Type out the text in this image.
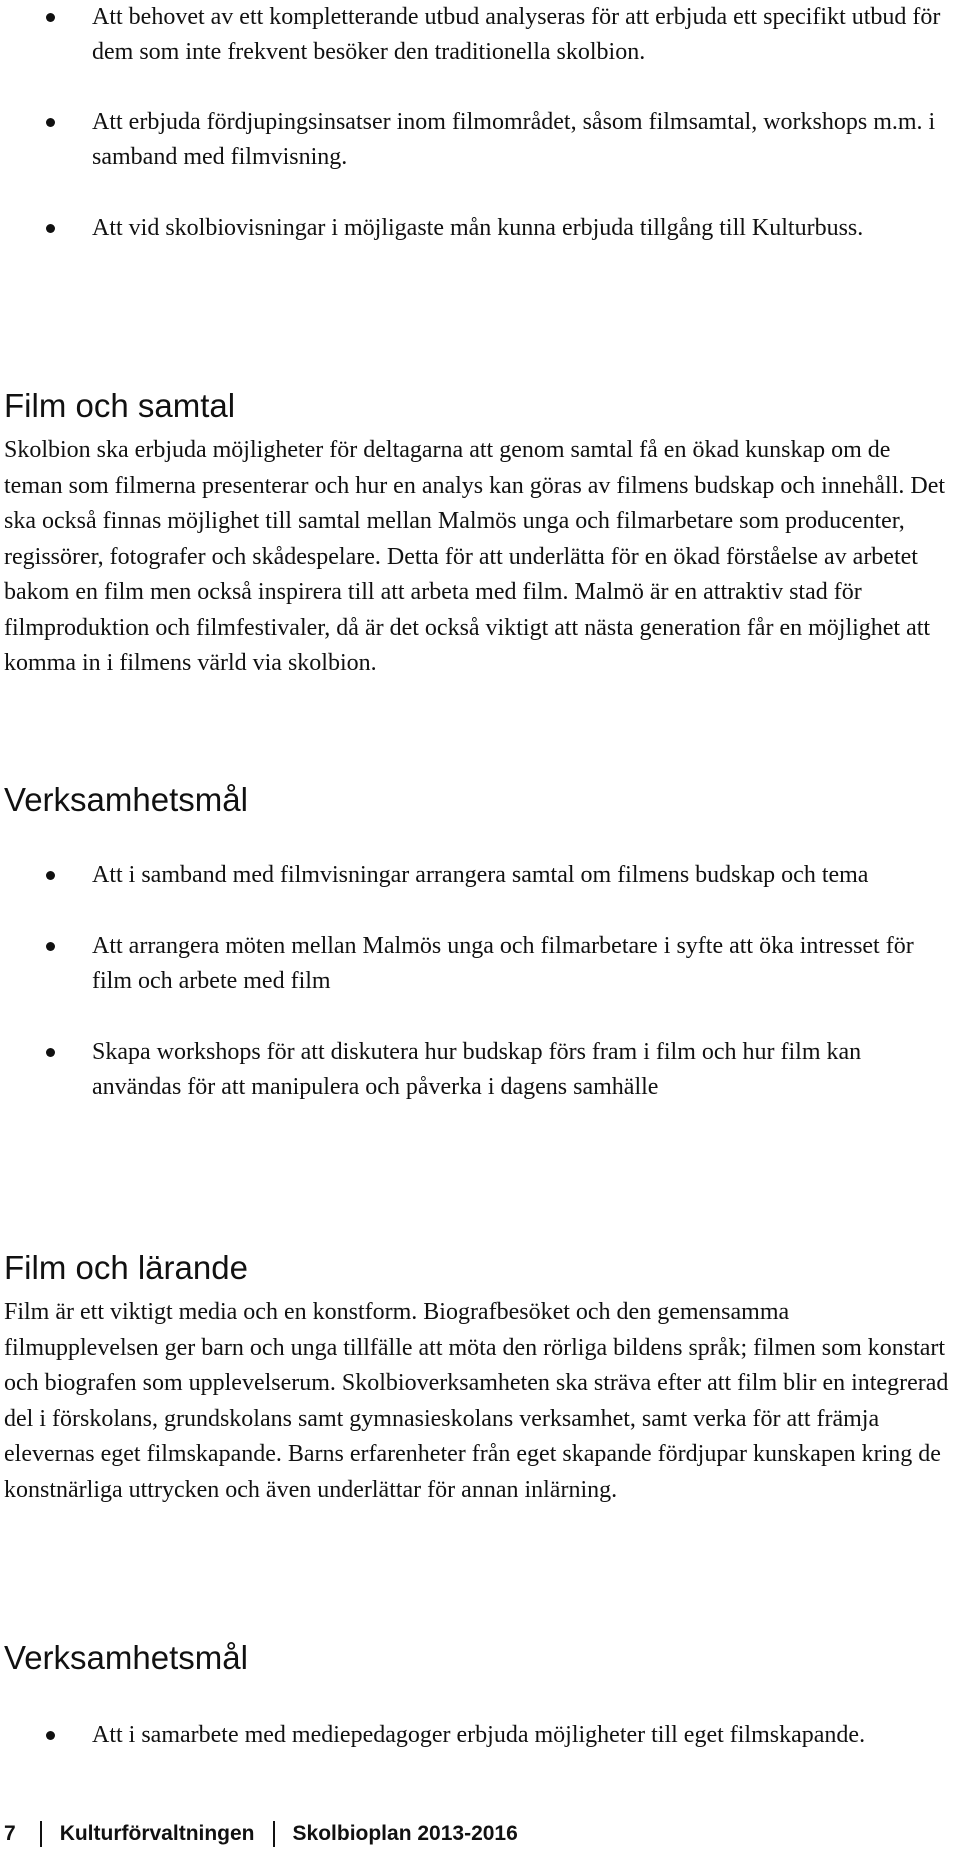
Att behovet av ett kompletterande utbud analyseras för att erbjuda ett specifikt utbud för dem som inte frekvent besöker den traditionella skolbion.
Att erbjuda fördjupingsinsatser inom filmområdet, såsom filmsamtal, workshops m.m. i samband med filmvisning.
Att vid skolbiovisningar i möjligaste mån kunna erbjuda tillgång till Kulturbuss.
Film och samtal

Skolbion ska erbjuda möjligheter för deltagarna att genom samtal få en ökad kunskap om de teman som filmerna presenterar och hur en analys kan göras av filmens budskap och innehåll. Det ska också finnas möjlighet till samtal mellan Malmös unga och filmarbetare som producenter, regissörer, fotografer och skådespelare. Detta för att underlätta för en ökad förståelse av arbetet bakom en film men också inspirera till att arbeta med film. Malmö är en attraktiv stad för filmproduktion och filmfestivaler, då är det också viktigt att nästa generation får en möjlighet att komma in i filmens värld via skolbion.

Verksamhetsmål
Att i samband med filmvisningar arrangera samtal om filmens budskap och tema
Att arrangera möten mellan Malmös unga och filmarbetare i syfte att öka intresset för film och arbete med film
Skapa workshops för att diskutera hur budskap förs fram i film och hur film kan användas för att manipulera och påverka i dagens samhälle
Film och lärande

Film är ett viktigt media och en konstform. Biografbesöket och den gemensamma filmupplevelsen ger barn och unga tillfälle att möta den rörliga bildens språk; filmen som konstart och biografen som upplevelserum. Skolbioverksamheten ska sträva efter att film blir en integrerad del i förskolans, grundskolans samt gymnasieskolans verksamhet, samt verka för att främja elevernas eget filmskapande. Barns erfarenheter från eget skapande fördjupar kunskapen kring de konstnärliga uttrycken och även underlättar för annan inlärning.

Verksamhetsmål
Att i samarbete med mediepedagoger erbjuda möjligheter till eget filmskapande.
7 Kulturförvaltningen Skolbioplan 2013-2016
